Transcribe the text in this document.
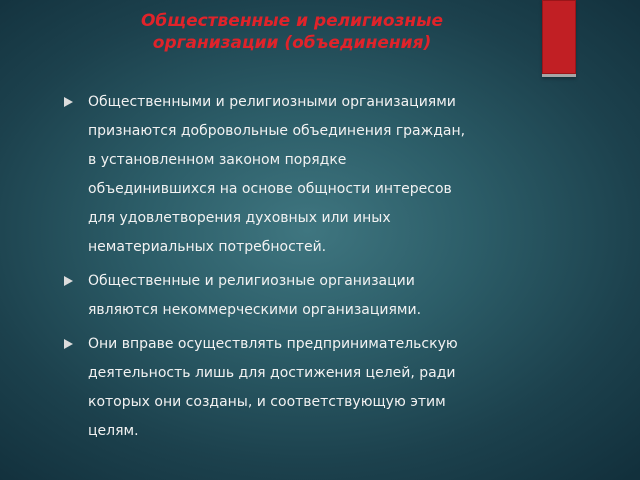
Общественные и религиозные
организации (объединения)
Общественными и религиозными организациями
признаются добровольные объединения граждан,
в установленном законом порядке
объединившихся на основе общности интересов
для удовлетворения духовных или иных
нематериальных потребностей.
Общественные и религиозные организации
являются некоммерческими организациями.
Они вправе осуществлять предпринимательскую
деятельность лишь для достижения целей, ради
которых они созданы, и соответствующую этим
целям.
